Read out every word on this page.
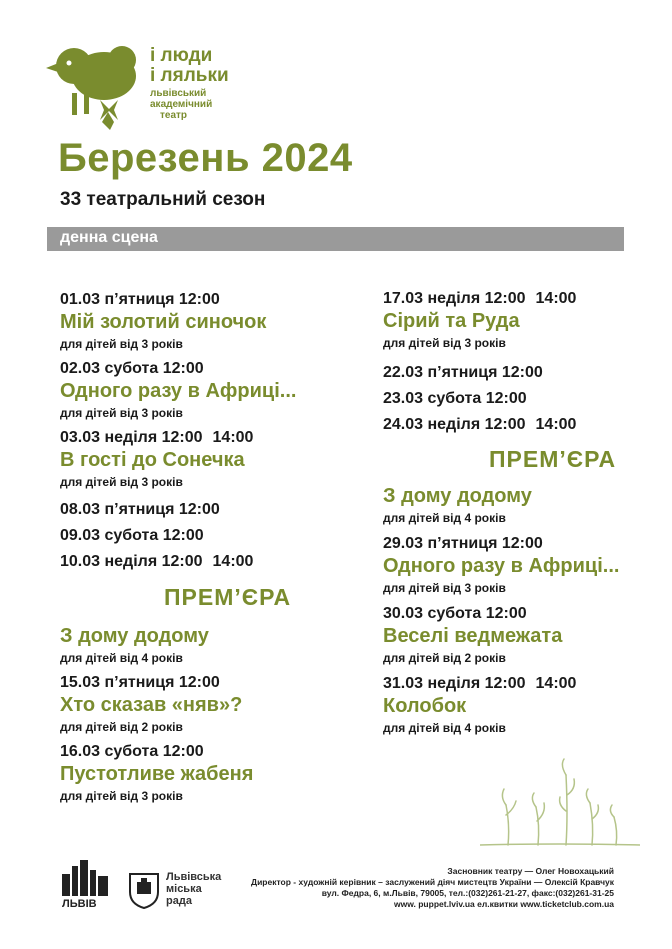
і люди
і ляльки
львівський
академічний
театр
Березень 2024
33 театральний сезон
денна сцена
01.03 п’ятниця 12:00
Мій золотий синочок
для дітей від 3 років
02.03 субота 12:00
Одного разу в Африці...
для дітей від 3 років
03.03 неділя 12:00 14:00
В гості до Сонечка
для дітей від 3 років
08.03 п’ятниця 12:00
09.03 субота 12:00
10.03 неділя 12:00 14:00
ПРЕМ’ЄРА
З дому додому
для дітей від 4 років
15.03 п’ятниця 12:00
Хто сказав «няв»?
для дітей від 2 років
16.03 субота 12:00
Пустотливе жабеня
для дітей від 3 років
17.03 неділя 12:00 14:00
Сірий та Руда
для дітей від 3 років
22.03 п’ятниця 12:00
23.03 субота 12:00
24.03 неділя 12:00 14:00
ПРЕМ’ЄРА
З дому додому
для дітей від 4 років
29.03 п’ятниця 12:00
Одного разу в Африці...
для дітей від 3 років
30.03 субота 12:00
Веселі ведмежата
для дітей від 2 років
31.03 неділя 12:00 14:00
Колобок
для дітей від 4 років
ЛЬВІВ
Львівська
міська
рада
Засновник театру — Олег Новохацький
Директор - художній керівник – заслужений діяч мистецтв України — Олексій Кравчук
вул. Федра, 6, м.Львів, 79005, тел.:(032)261-21-27, факс:(032)261-31-25
www. puppet.lviv.ua ел.квитки www.ticketclub.com.ua
